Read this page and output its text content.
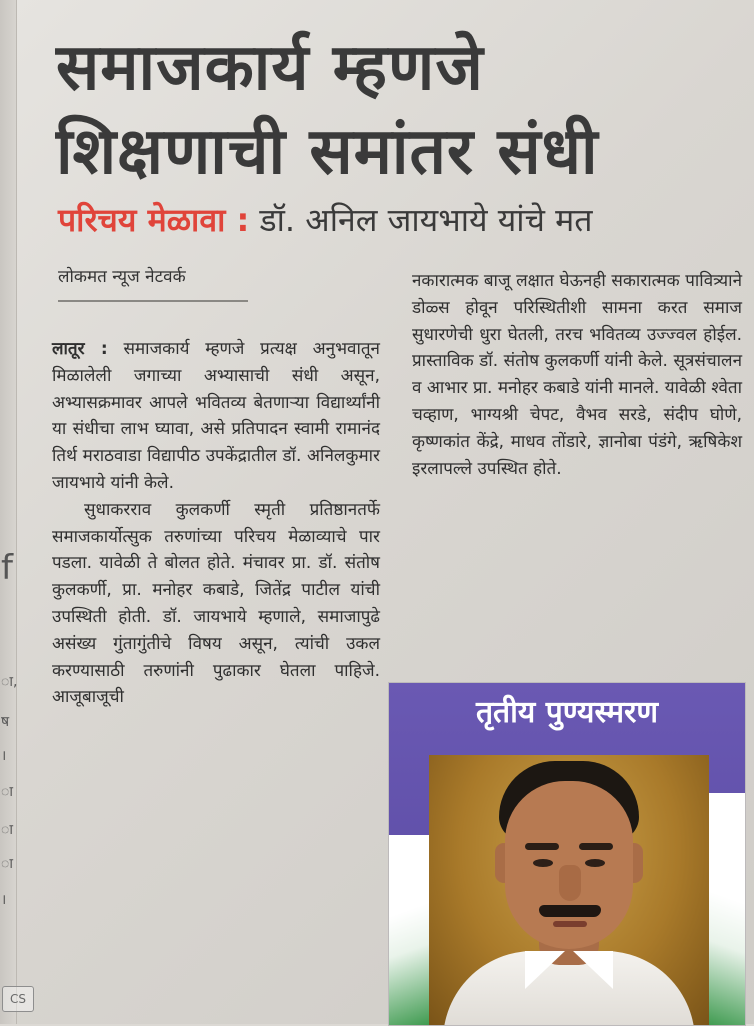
f
ा,
ष
।
ा
ा
ा
।
समाजकार्य म्हणजे
शिक्षणाची समांतर संधी
परिचय मेळावा : डॉ. अनिल जायभाये यांचे मत
लोकमत न्यूज नेटवर्क

लातूर : समाजकार्य म्हणजे प्रत्यक्ष अनुभवातून मिळालेली जगाच्या अभ्यासाची संधी असून, अभ्यासक्रमावर आपले भवितव्य बेतणाऱ्या विद्यार्थ्यांनी या संधीचा लाभ घ्यावा, असे प्रतिपादन स्वामी रामानंद तिर्थ मराठवाडा विद्यापीठ उपकेंद्रातील डॉ. अनिलकुमार जायभाये यांनी केले.

सुधाकरराव कुलकर्णी स्मृती प्रतिष्ठानतर्फे समाजकार्योत्सुक तरुणांच्या परिचय मेळाव्याचे पार पडला. यावेळी ते बोलत होते. मंचावर प्रा. डॉ. संतोष कुलकर्णी, प्रा. मनोहर कबाडे, जितेंद्र पाटील यांची उपस्थिती होती. डॉ. जायभाये म्हणाले, समाजापुढे असंख्य गुंतागुंतीचे विषय असून, त्यांची उकल करण्यासाठी तरुणांनी पुढाकार घेतला पाहिजे. आजूबाजूची

नकारात्मक बाजू लक्षात घेऊनही सकारात्मक पावित्र्याने डोळ्स होवून परिस्थितीशी सामना करत समाज सुधारणेची धुरा घेतली, तरच भवितव्य उज्ज्वल होईल. प्रास्ताविक डॉ. संतोष कुलकर्णी यांनी केले. सूत्रसंचालन व आभार प्रा. मनोहर कबाडे यांनी मानले. यावेळी श्वेता चव्हाण, भाग्यश्री चेपट, वैभव सरडे, संदीप घोणे, कृष्णकांत केंद्रे, माधव तोंडारे, ज्ञानोबा पंडंगे, ऋषिकेश इरलापल्ले उपस्थित होते.

तृतीय पुण्यस्मरण
CS
